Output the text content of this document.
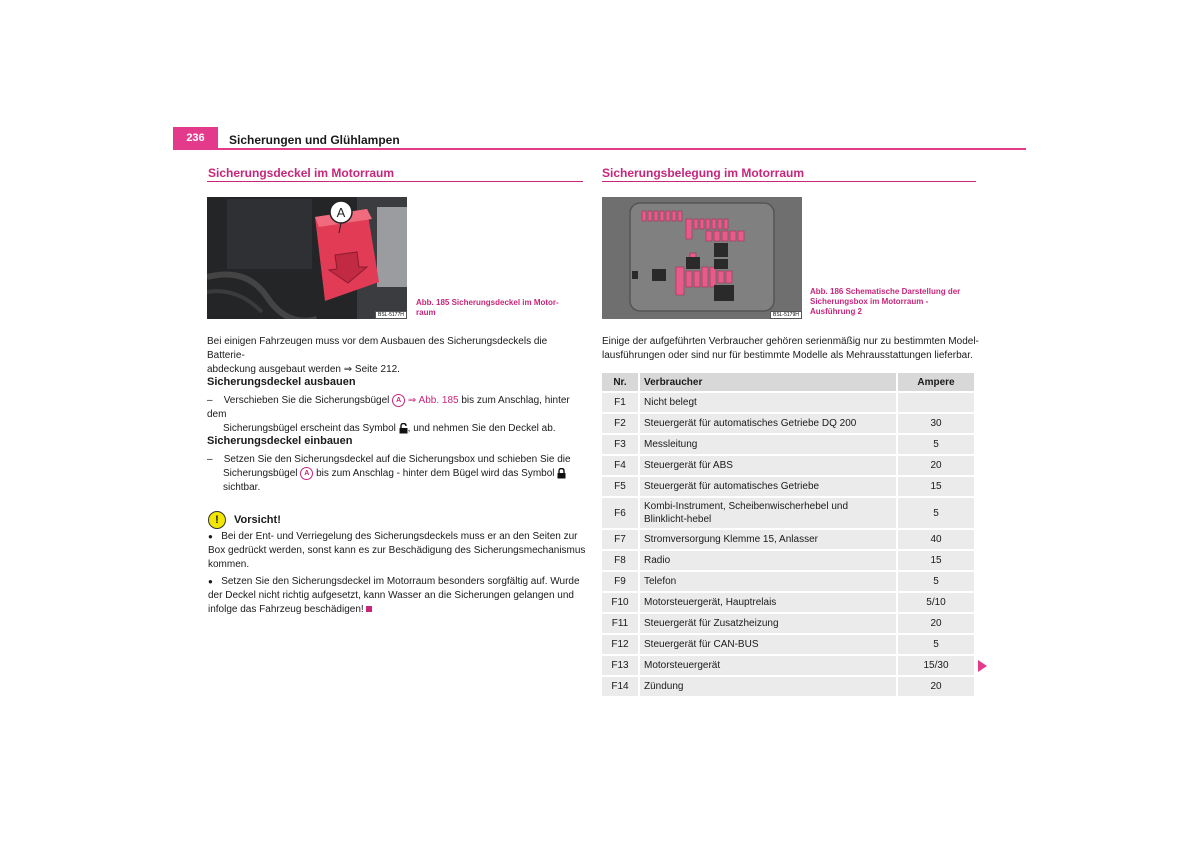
236	Sicherungen und Glühlampen
Sicherungsdeckel im Motorraum
A
BSL-5177H
Abb. 185 Sicherungsdeckel im Motor-
raum
Bei einigen Fahrzeugen muss vor dem Ausbauen des Sicherungsdeckels die Batterie-
abdeckung ausgebaut werden ⇒ Seite 212.
Sicherungsdeckel ausbauen
– Verschieben Sie die Sicherungsbügel A ⇒ Abb. 185 bis zum Anschlag, hinter dem
Sicherungsbügel erscheint das Symbol , und nehmen Sie den Deckel ab.
Sicherungsdeckel einbauen
– Setzen Sie den Sicherungsdeckel auf die Sicherungsbox und schieben Sie die
Sicherungsbügel A bis zum Anschlag - hinter dem Bügel wird das Symbol
sichtbar.
!	Vorsicht!
● Bei der Ent- und Verriegelung des Sicherungsdeckels muss er an den Seiten zur
Box gedrückt werden, sonst kann es zur Beschädigung des Sicherungsmechanismus
kommen.
● Setzen Sie den Sicherungsdeckel im Motorraum besonders sorgfältig auf. Wurde
der Deckel nicht richtig aufgesetzt, kann Wasser an die Sicherungen gelangen und
infolge das Fahrzeug beschädigen!
Sicherungsbelegung im Motorraum
BSL-5179H
Abb. 186 Schematische Darstellung der
Sicherungsbox im Motorraum -
Ausführung 2
Einige der aufgeführten Verbraucher gehören serienmäßig nur zu bestimmten Model-
lausführungen oder sind nur für bestimmte Modelle als Mehrausstattungen lieferbar.
Nr.	Verbraucher	Ampere
F1	Nicht belegt	
F2	Steuergerät für automatisches Getriebe DQ 200	30
F3	Messleitung	5
F4	Steuergerät für ABS	20
F5	Steuergerät für automatisches Getriebe	15
F6	Kombi-Instrument, Scheibenwischerhebel und Blinklicht-hebel	5
F7	Stromversorgung Klemme 15, Anlasser	40
F8	Radio	15
F9	Telefon	5
F10	Motorsteuergerät, Hauptrelais	5/10
F11	Steuergerät für Zusatzheizung	20
F12	Steuergerät für CAN-BUS	5
F13	Motorsteuergerät	15/30
F14	Zündung	20
